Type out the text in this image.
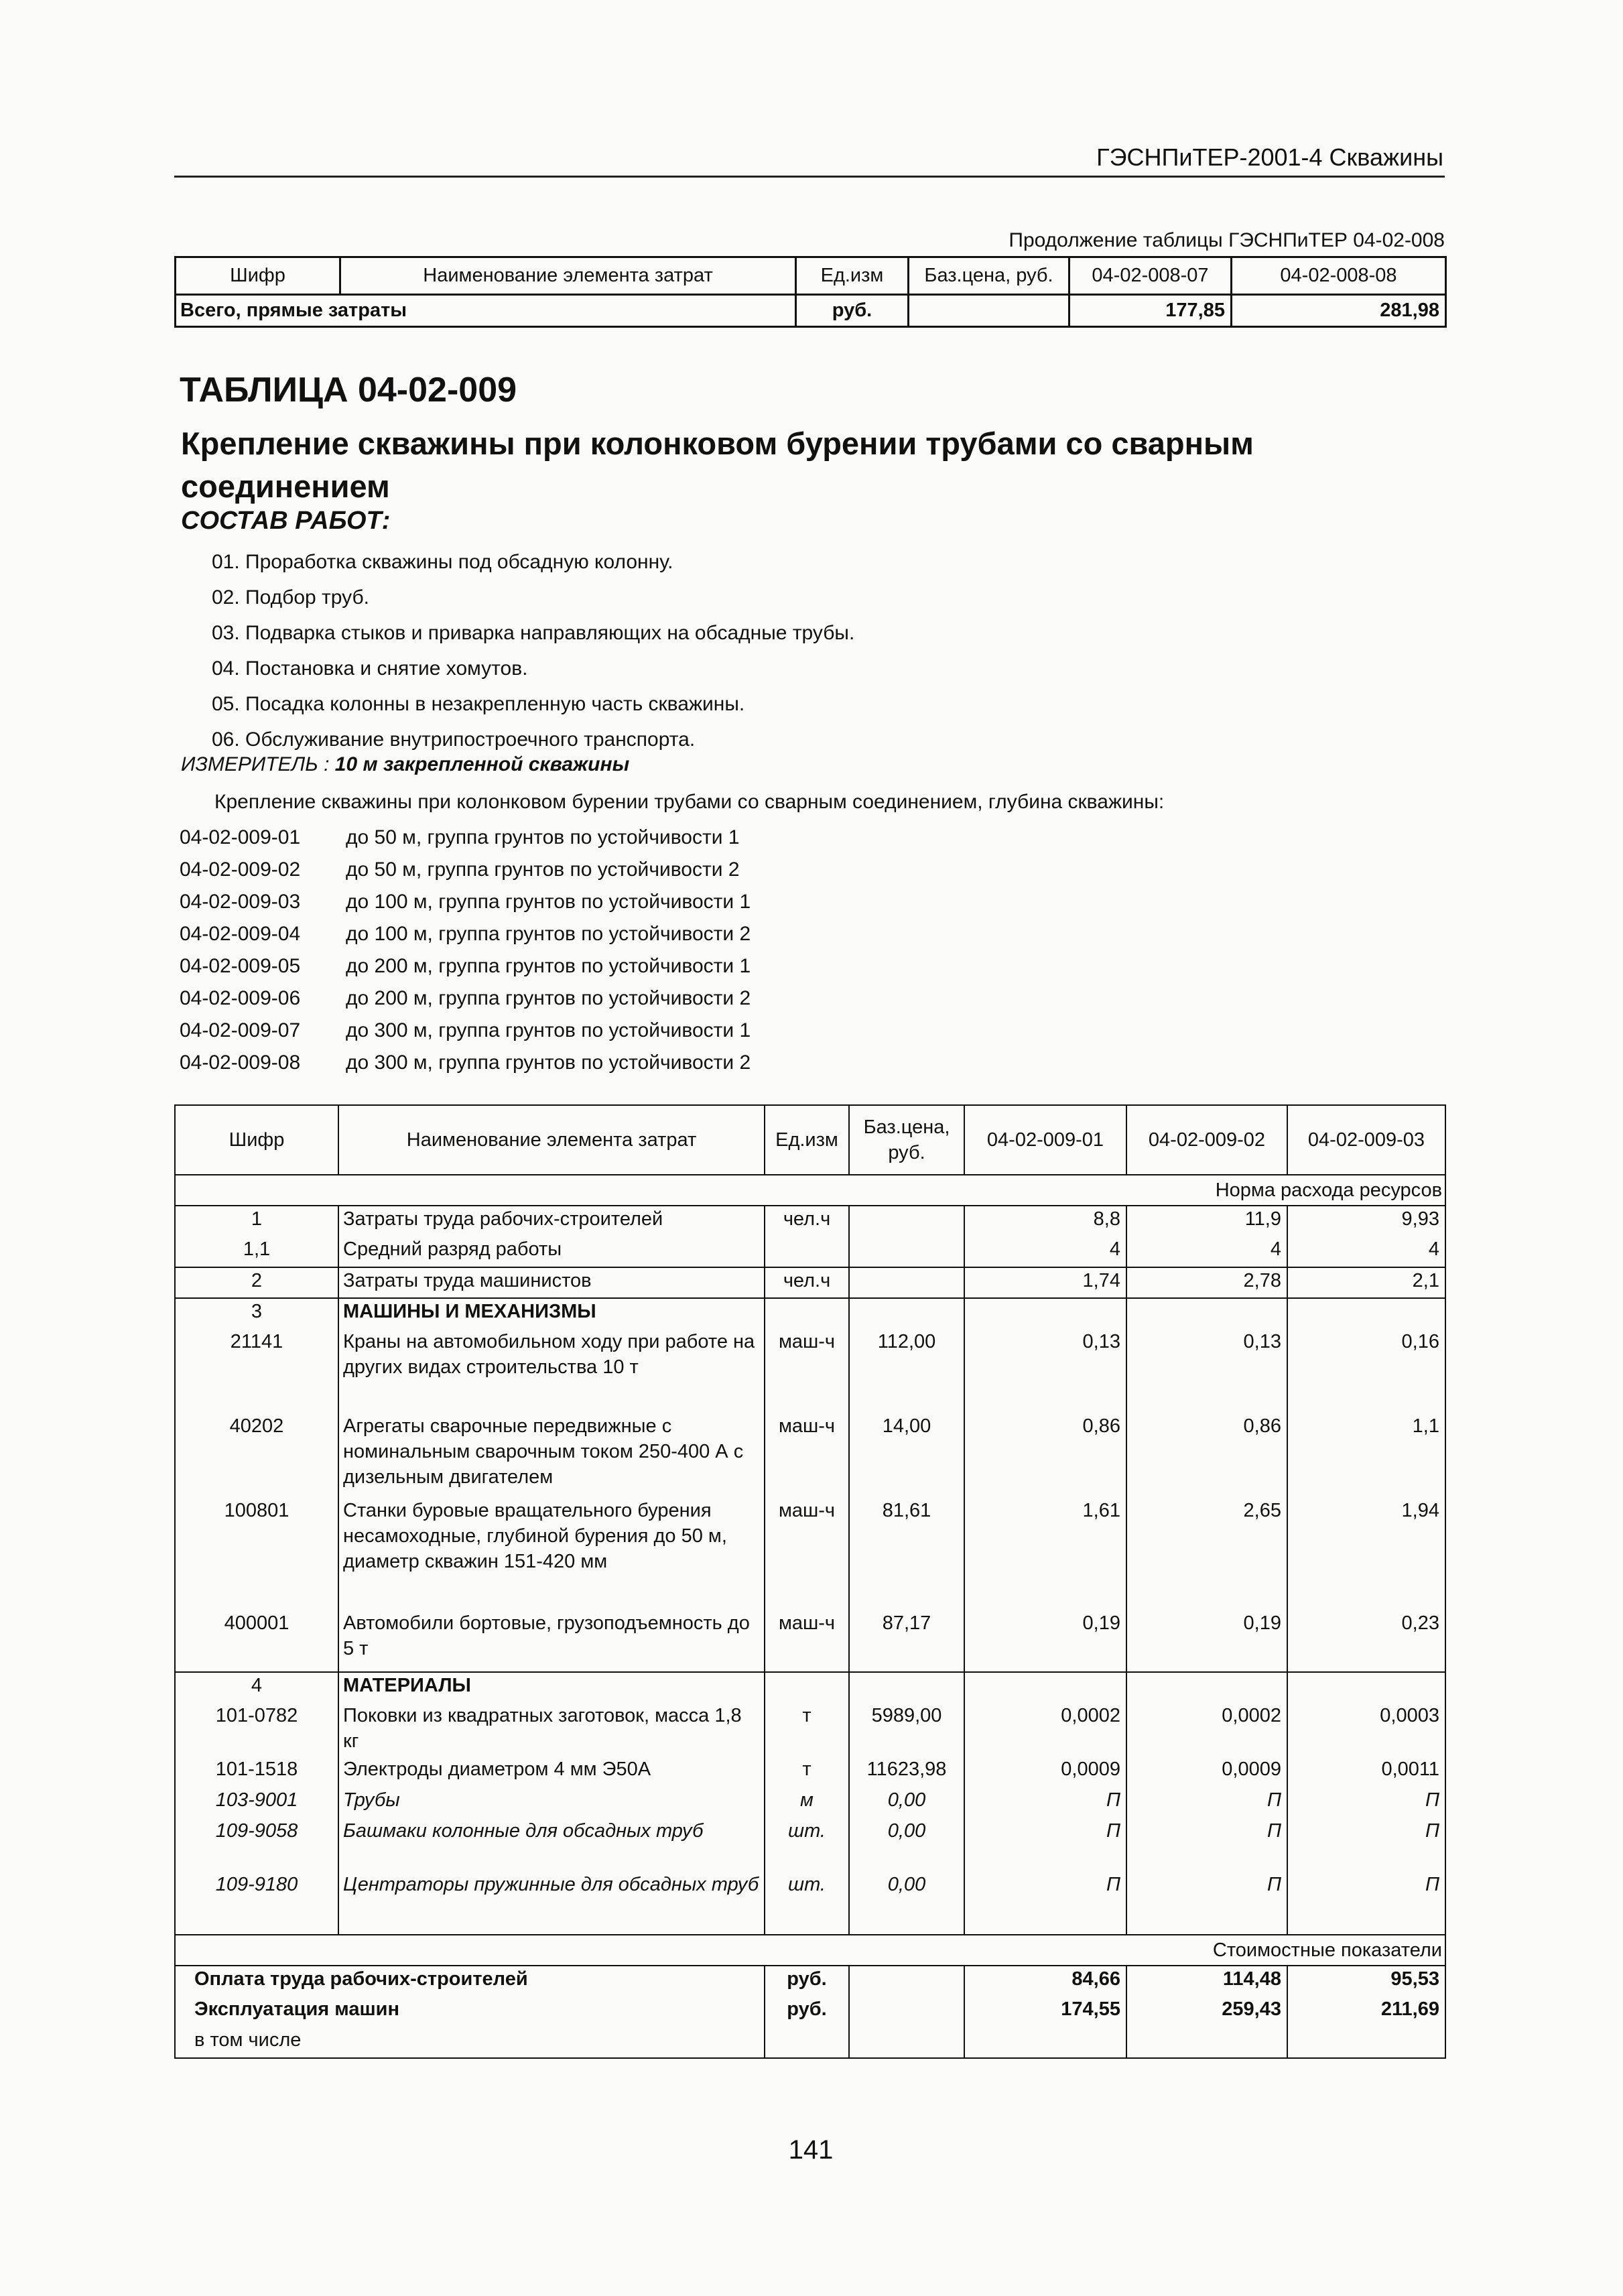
ГЭСНПиТЕР-2001-4 Скважины
Продолжение таблицы ГЭСНПиТЕР 04-02-008
Шифр	Наименование элемента затрат	Ед.изм	Баз.цена, руб.	04-02-008-07	04-02-008-08
Всего, прямые затраты		руб.		177,85	281,98
ТАБЛИЦА 04-02-009
Крепление скважины при колонковом бурении трубами со сварным соединением
СОСТАВ РАБОТ:
01. Проработка скважины под обсадную колонну.
02. Подбор труб.
03. Подварка стыков и приварка направляющих на обсадные трубы.
04. Постановка и снятие хомутов.
05. Посадка колонны в незакрепленную часть скважины.
06. Обслуживание внутрипостроечного транспорта.
ИЗМЕРИТЕЛЬ : 10 м закрепленной скважины
Крепление скважины при колонковом бурении трубами со сварным соединением, глубина скважины:
04-02-009-01	до 50 м, группа грунтов по устойчивости 1
04-02-009-02	до 50 м, группа грунтов по устойчивости 2
04-02-009-03	до 100 м, группа грунтов по устойчивости 1
04-02-009-04	до 100 м, группа грунтов по устойчивости 2
04-02-009-05	до 200 м, группа грунтов по устойчивости 1
04-02-009-06	до 200 м, группа грунтов по устойчивости 2
04-02-009-07	до 300 м, группа грунтов по устойчивости 1
04-02-009-08	до 300 м, группа грунтов по устойчивости 2
Шифр	Наименование элемента затрат	Ед.изм	Баз.цена, руб.	04-02-009-01	04-02-009-02	04-02-009-03
Норма расхода ресурсов						
1	Затраты труда рабочих-строителей	чел.ч		8,8	11,9	9,93
1,1	Средний разряд работы			4	4	4
2	Затраты труда машинистов	чел.ч		1,74	2,78	2,1
3	МАШИНЫ И МЕХАНИЗМЫ					
21141	Краны на автомобильном ходу при работе на других видах строительства 10 т	маш-ч	112,00	0,13	0,13	0,16
40202	Агрегаты сварочные передвижные с номинальным сварочным током 250-400 А с дизельным двигателем	маш-ч	14,00	0,86	0,86	1,1
100801	Станки буровые вращательного бурения несамоходные, глубиной бурения до 50 м, диаметр скважин 151-420 мм	маш-ч	81,61	1,61	2,65	1,94
400001	Автомобили бортовые, грузоподъемность до 5 т	маш-ч	87,17	0,19	0,19	0,23
4	МАТЕРИАЛЫ					
101-0782	Поковки из квадратных заготовок, масса 1,8 кг	т	5989,00	0,0002	0,0002	0,0003
101-1518	Электроды диаметром 4 мм Э50А	т	11623,98	0,0009	0,0009	0,0011
103-9001	Трубы	м	0,00	П	П	П
109-9058	Башмаки колонные для обсадных труб	шт.	0,00	П	П	П
109-9180	Центраторы пружинные для обсадных труб	шт.	0,00	П	П	П
Стоимостные показатели						
Оплата труда рабочих-строителей		руб.		84,66	114,48	95,53
Эксплуатация машин		руб.		174,55	259,43	211,69
в том числе						
141
